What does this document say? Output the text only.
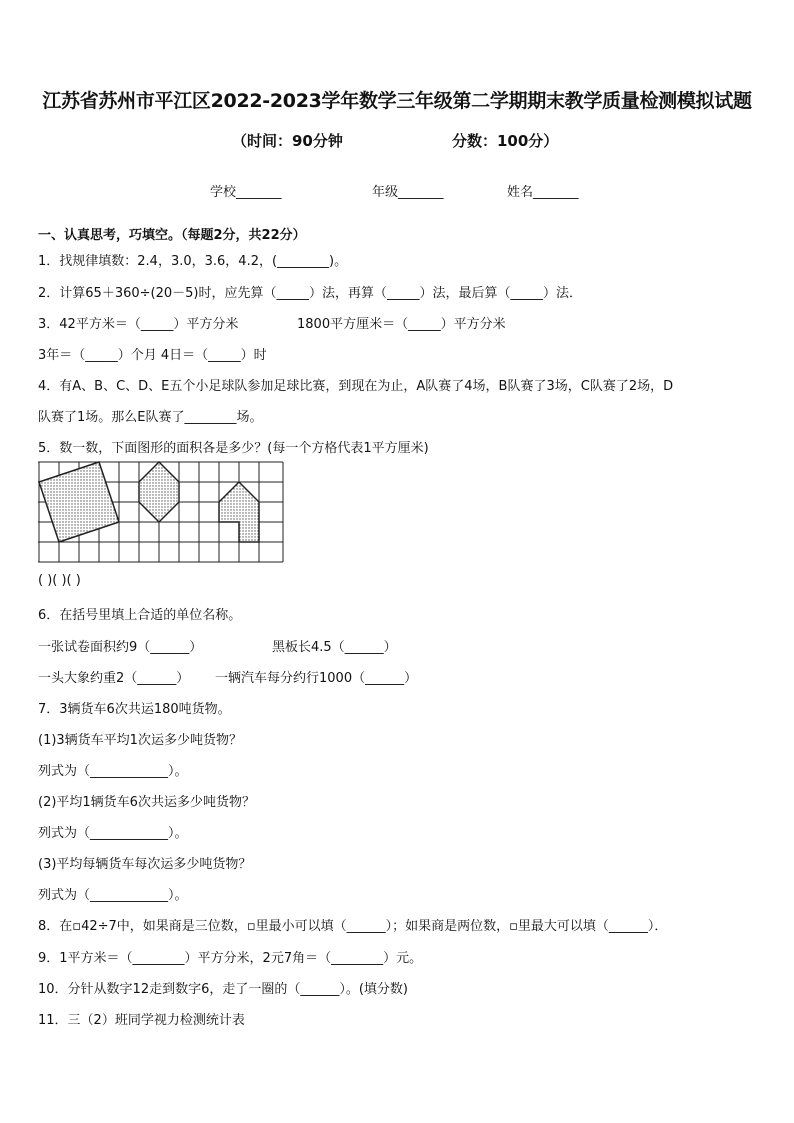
江苏省苏州市平江区2022-2023学年数学三年级第二学期期末教学质量检测模拟试题
（时间：90分钟	分数：100分）
学校_______	年级_______	姓名_______
一、认真思考，巧填空。（每题2分，共22分）
1．找规律填数：2.4，3.0，3.6，4.2，(________)。
2．计算65＋360÷(20－5)时，应先算（_____）法，再算（_____）法，最后算（_____）法．
3．42平方米＝（_____）平方分米	1800平方厘米＝（_____）平方分米
3年＝（_____）个月 4日＝（_____）时
4．有A、B、C、D、E五个小足球队参加足球比赛，到现在为止，A队赛了4场，B队赛了3场，C队赛了2场，D
队赛了1场。那么E队赛了________场。
5．数一数，下面图形的面积各是多少？(每一个方格代表1平方厘米)
( )( )( )
6．在括号里填上合适的单位名称。
一张试卷面积约9（______）	黑板长4.5（______）
一头大象约重2（______） 一辆汽车每分约行1000（______）
7．3辆货车6次共运180吨货物。
(1)3辆货车平均1次运多少吨货物？
列式为（____________）。
(2)平均1辆货车6次共运多少吨货物？
列式为（____________）。
(3)平均每辆货车每次运多少吨货物？
列式为（____________）。
8．在▫42÷7中，如果商是三位数，▫里最小可以填（______）；如果商是两位数，▫里最大可以填（______）．
9．1平方米＝（________）平方分米，2元7角＝（________）元。
10．分针从数字12走到数字6，走了一圈的（______）。(填分数)
11．三（2）班同学视力检测统计表
